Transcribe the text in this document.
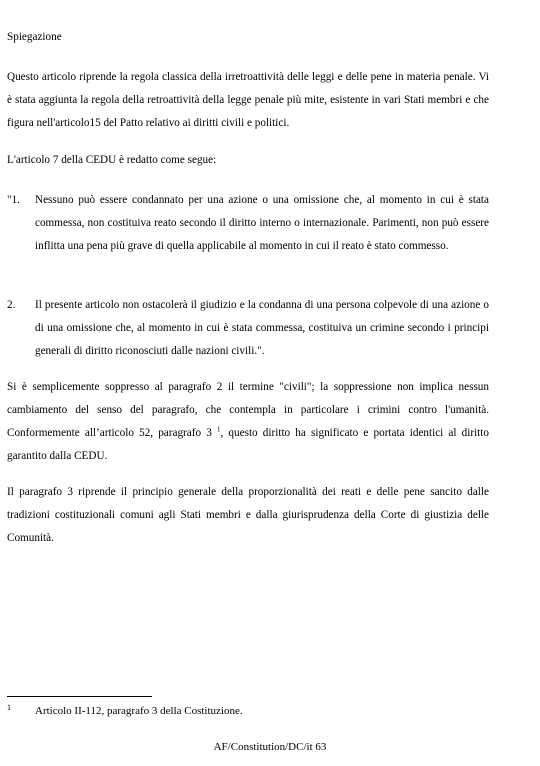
Spiegazione

Questo articolo riprende la regola classica della irretroattività delle leggi e delle pene in materia penale. Vi è stata aggiunta la regola della retroattività della legge penale più mite, esistente in vari Stati membri e che figura nell'articolo15 del Patto relativo ai diritti civili e politici.

L'articolo 7 della CEDU è redatto come segue:

"1.	Nessuno può essere condannato per una azione o una omissione che, al momento in cui è stata commessa, non costituiva reato secondo il diritto interno o internazionale. Parimenti, non può essere inflitta una pena più grave di quella applicabile al momento in cui il reato è stato commesso.
2.	Il presente articolo non ostacolerà il giudizio e la condanna di una persona colpevole di una azione o di una omissione che, al momento in cui è stata commessa, costituiva un crimine secondo i principi generali di diritto riconosciuti dalle nazioni civili.".

Si è semplicemente soppresso al paragrafo 2 il termine "civili"; la soppressione non implica nessun cambiamento del senso del paragrafo, che contempla in particolare i crimini contro l'umanità. Conformemente all’articolo 52, paragrafo 3 $^1$, questo diritto ha significato e portata identici al diritto garantito dalla CEDU.

Il paragrafo 3 riprende il principio generale della proporzionalità dei reati e delle pene sancito dalle tradizioni costituzionali comuni agli Stati membri e dalla giurisprudenza della Corte di giustizia delle Comunità.

1 Articolo II-112, paragrafo 3 della Costituzione.
AF/Constitution/DC/it 63
